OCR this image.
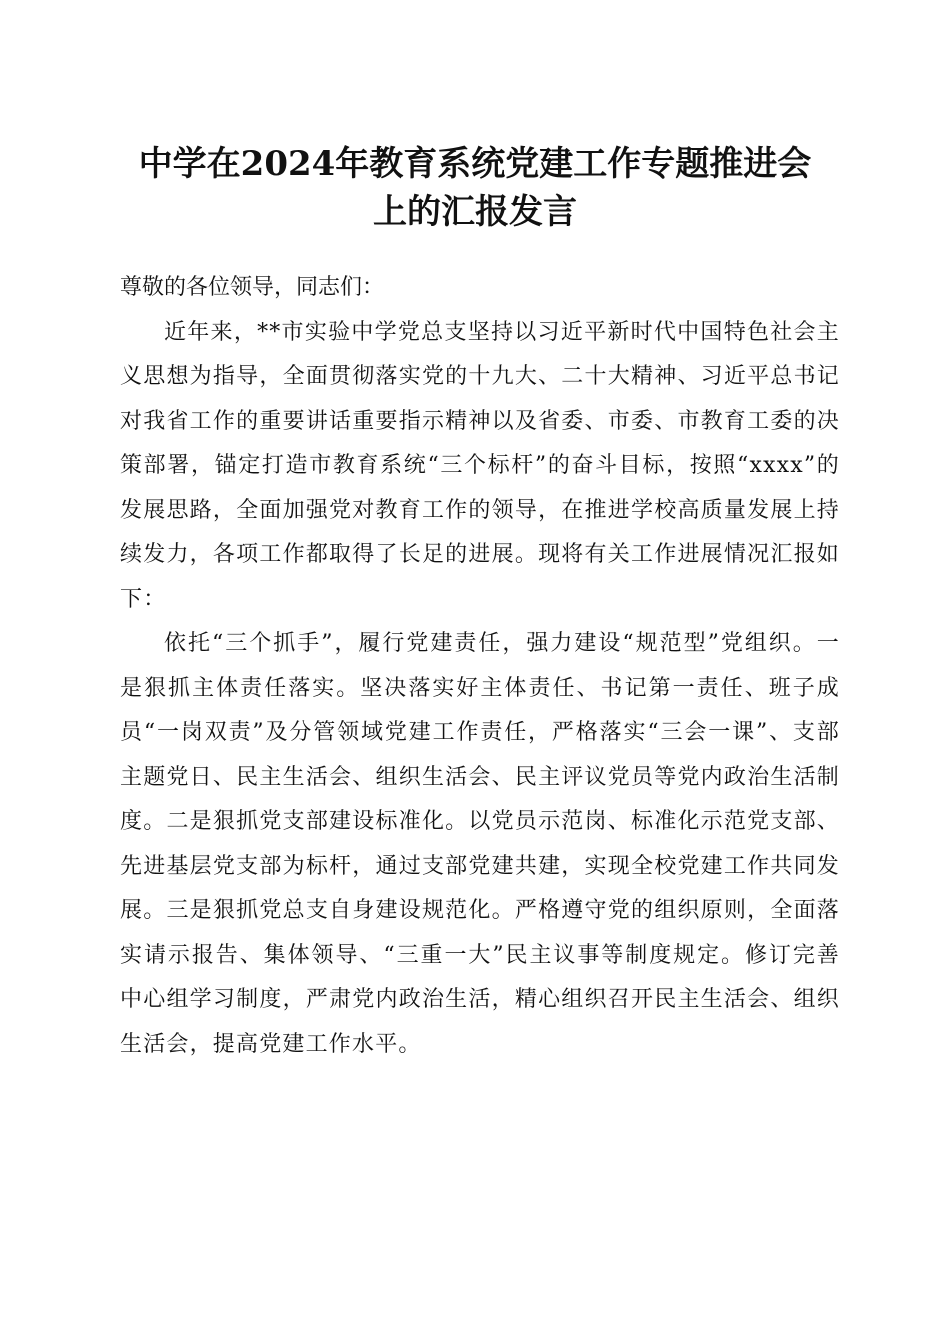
中学在2024年教育系统党建工作专题推进会
上的汇报发言

尊敬的各位领导，同志们：

近年来，**市实验中学党总支坚持以习近平新时代中国特色社会主义思想为指导，全面贯彻落实党的十九大、二十大精神、习近平总书记对我省工作的重要讲话重要指示精神以及省委、市委、市教育工委的决策部署，锚定打造市教育系统“三个标杆”的奋斗目标，按照“xxxx”的发展思路，全面加强党对教育工作的领导，在推进学校高质量发展上持续发力，各项工作都取得了长足的进展。现将有关工作进展情况汇报如下：

依托“三个抓手”，履行党建责任，强力建设“规范型”党组织。一是狠抓主体责任落实。坚决落实好主体责任、书记第一责任、班子成员“一岗双责”及分管领域党建工作责任，严格落实“三会一课”、支部主题党日、民主生活会、组织生活会、民主评议党员等党内政治生活制度。二是狠抓党支部建设标准化。以党员示范岗、标准化示范党支部、先进基层党支部为标杆，通过支部党建共建，实现全校党建工作共同发展。三是狠抓党总支自身建设规范化。严格遵守党的组织原则，全面落实请示报告、集体领导、“三重一大”民主议事等制度规定。修订完善中心组学习制度，严肃党内政治生活，精心组织召开民主生活会、组织生活会，提高党建工作水平。
